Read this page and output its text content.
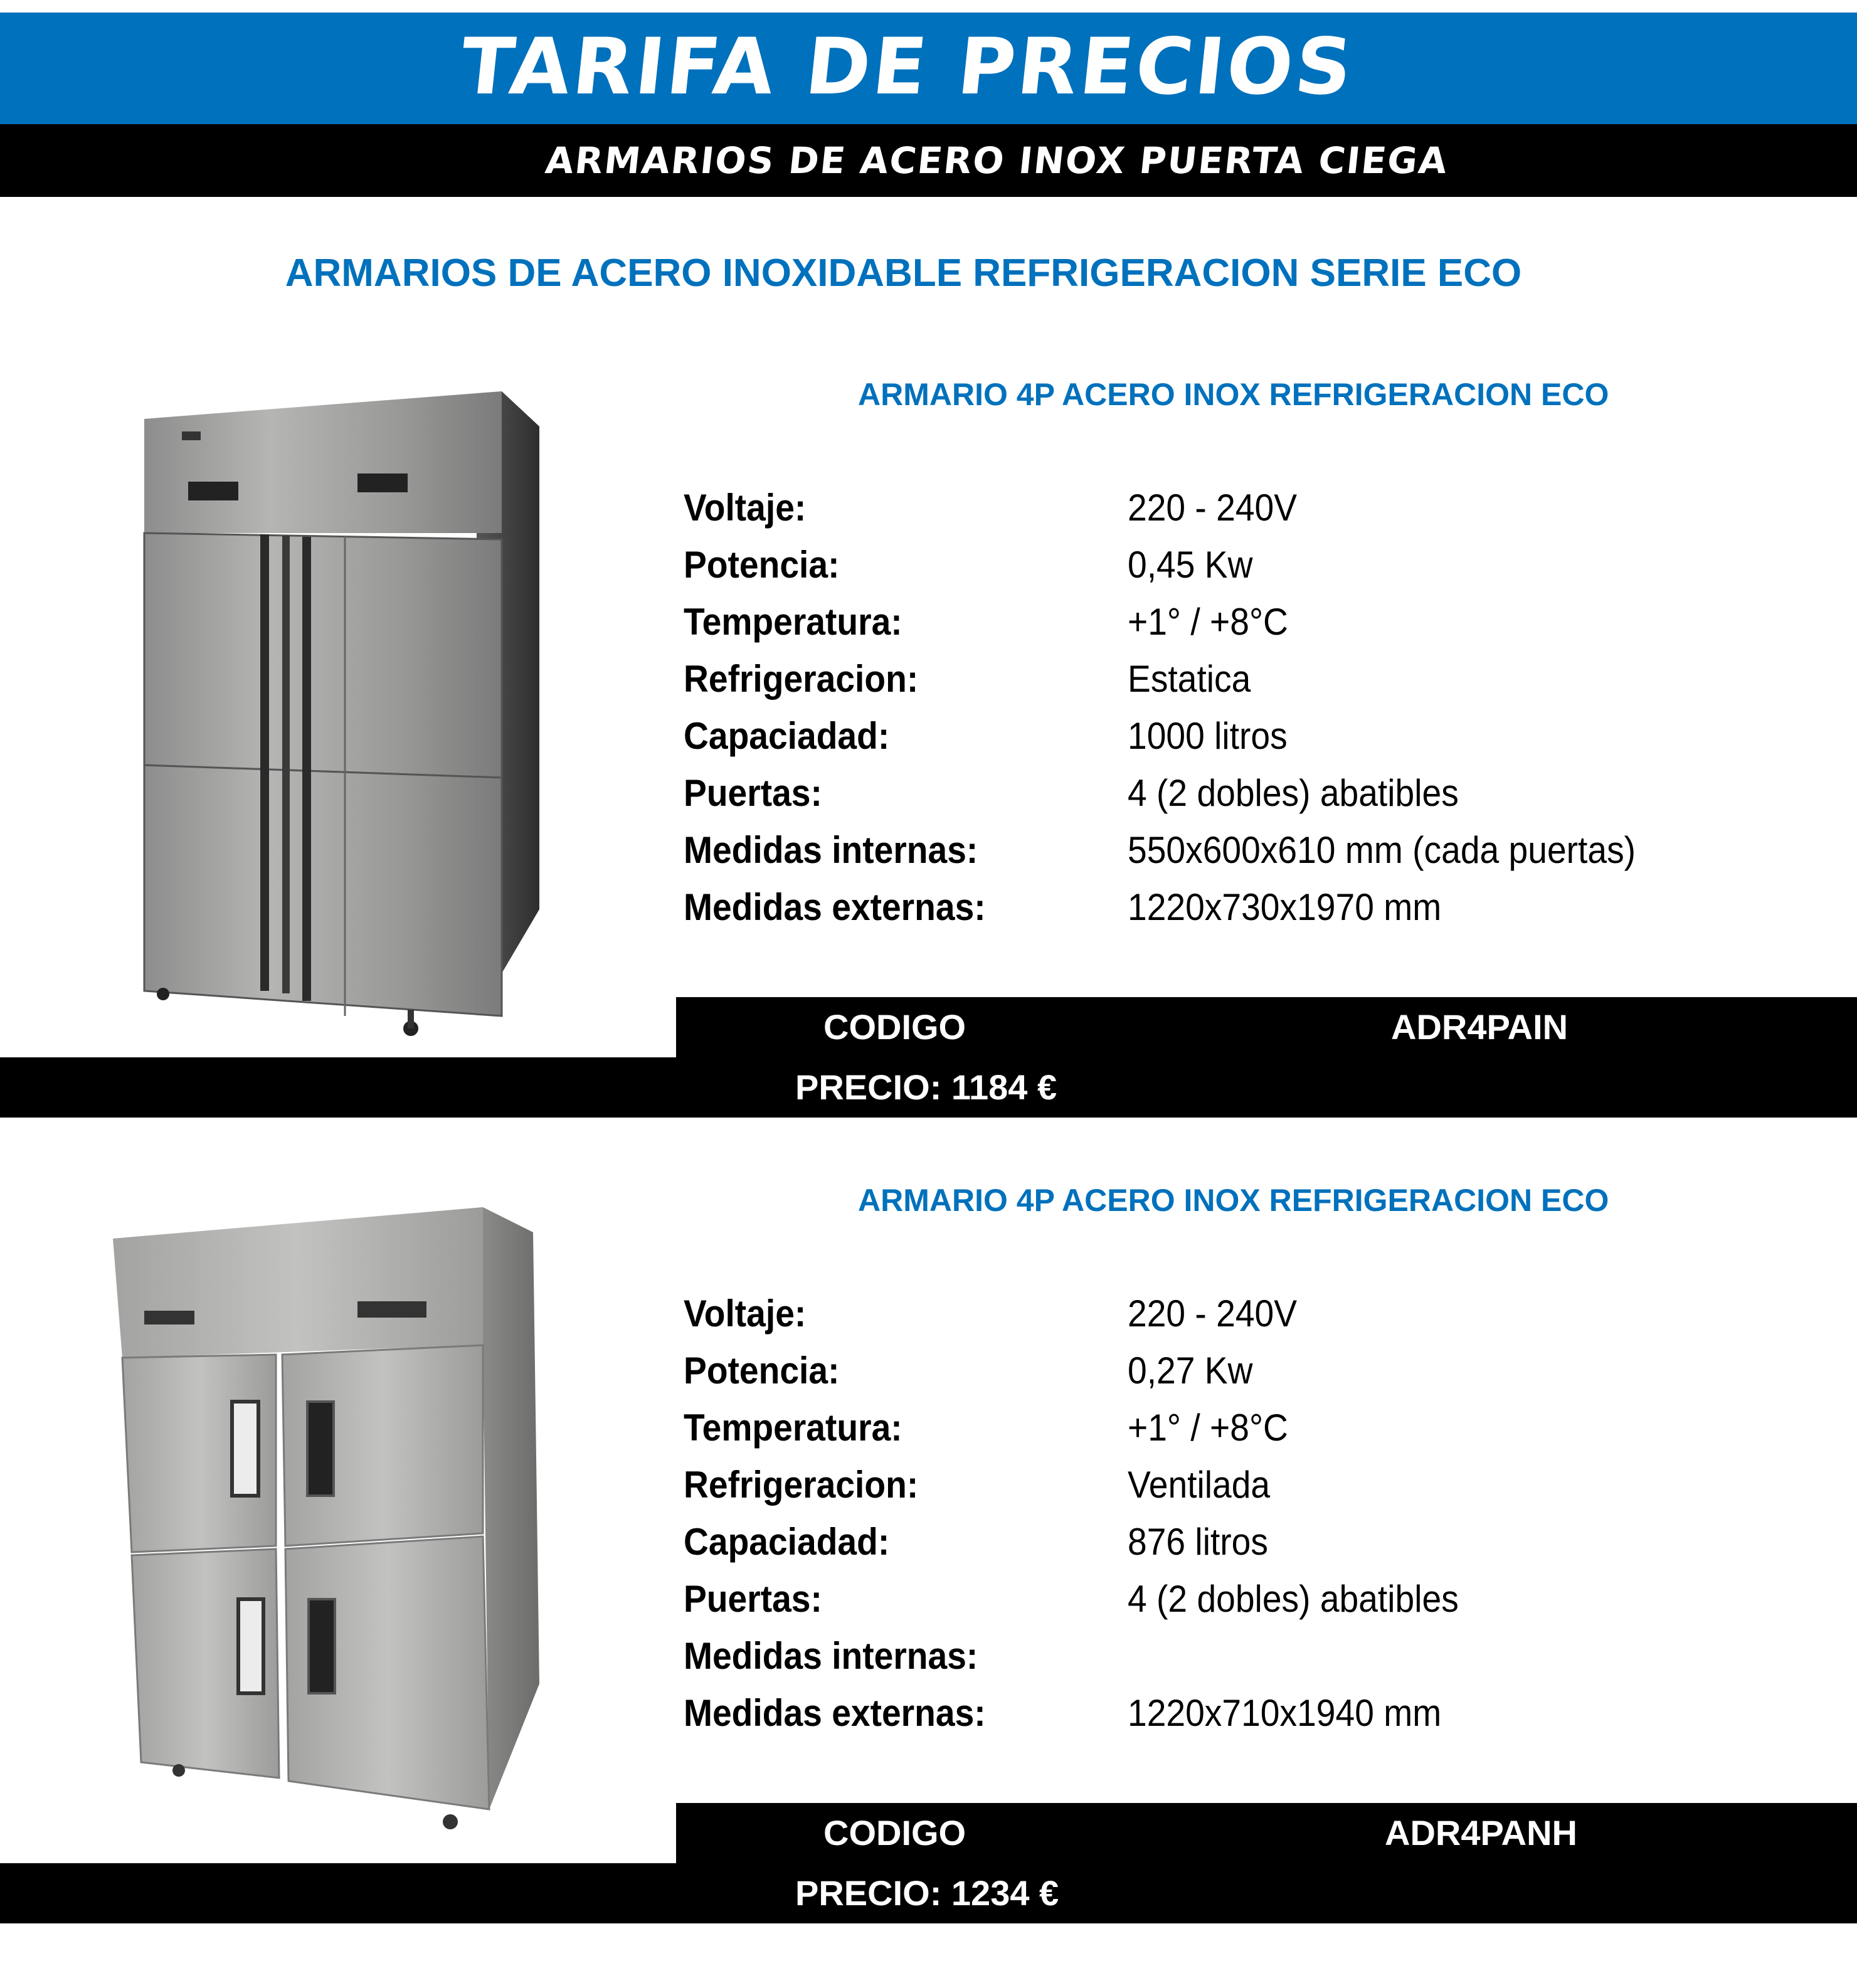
TARIFA DE PRECIOS
ARMARIOS DE ACERO INOX PUERTA CIEGA
ARMARIOS DE ACERO INOXIDABLE REFRIGERACION SERIE ECO
ARMARIO 4P ACERO INOX REFRIGERACION ECO
Voltaje:	220 - 240V
Potencia:	0,45 Kw
Temperatura:	+1° / +8°C
Refrigeracion:	Estatica
Capaciadad:	1000 litros
Puertas:	4 (2 dobles) abatibles
Medidas internas:	550x600x610 mm (cada puertas)
Medidas externas:	1220x730x1970 mm
CODIGO	ADR4PAIN
PRECIO: 1184 €
ARMARIO 4P ACERO INOX REFRIGERACION ECO
Voltaje:	220 - 240V
Potencia:	0,27 Kw
Temperatura:	+1° / +8°C
Refrigeracion:	Ventilada
Capaciadad:	876 litros
Puertas:	4 (2 dobles) abatibles
Medidas internas:
Medidas externas:	1220x710x1940 mm
CODIGO	ADR4PANH
PRECIO: 1234 €
